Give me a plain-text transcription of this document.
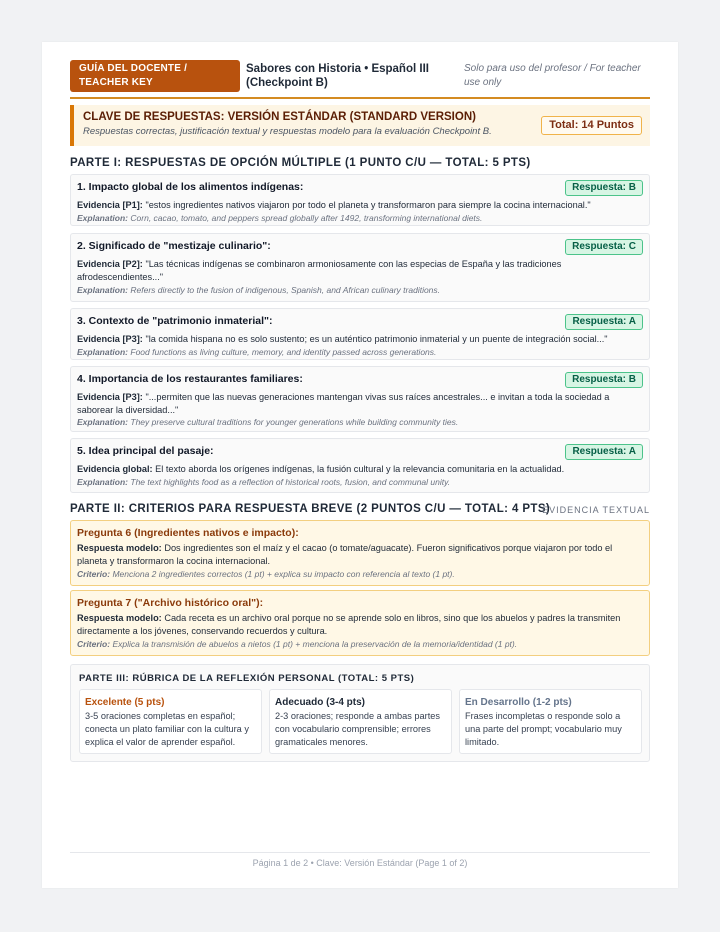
GUÍA DEL DOCENTE / TEACHER KEY
Sabores con Historia • Español III (Checkpoint B)
Solo para uso del profesor / For teacher use only
CLAVE DE RESPUESTAS: VERSIÓN ESTÁNDAR (STANDARD VERSION)
Respuestas correctas, justificación textual y respuestas modelo para la evaluación Checkpoint B.
Total: 14 Puntos
PARTE I: RESPUESTAS DE OPCIÓN MÚLTIPLE (1 PUNTO C/U — TOTAL: 5 PTS)
1. Impacto global de los alimentos indígenas:	Respuesta: B
Evidencia [P1]: "estos ingredientes nativos viajaron por todo el planeta y transformaron para siempre la cocina internacional."
Explanation: Corn, cacao, tomato, and peppers spread globally after 1492, transforming international diets.
2. Significado de "mestizaje culinario":	Respuesta: C
Evidencia [P2]: "Las técnicas indígenas se combinaron armoniosamente con las especias de España y las tradiciones afrodescendientes..."
Explanation: Refers directly to the fusion of indigenous, Spanish, and African culinary traditions.
3. Contexto de "patrimonio inmaterial":	Respuesta: A
Evidencia [P3]: "la comida hispana no es solo sustento; es un auténtico patrimonio inmaterial y un puente de integración social..."
Explanation: Food functions as living culture, memory, and identity passed across generations.
4. Importancia de los restaurantes familiares:	Respuesta: B
Evidencia [P3]: "...permiten que las nuevas generaciones mantengan vivas sus raíces ancestrales... e invitan a toda la sociedad a saborear la diversidad..."
Explanation: They preserve cultural traditions for younger generations while building community ties.
5. Idea principal del pasaje:	Respuesta: A
Evidencia global: El texto aborda los orígenes indígenas, la fusión cultural y la relevancia comunitaria en la actualidad.
Explanation: The text highlights food as a reflection of historical roots, fusion, and communal unity.
PARTE II: CRITERIOS PARA RESPUESTA BREVE (2 PUNTOS C/U — TOTAL: 4 PTS)
EVIDENCIA TEXTUAL
Pregunta 6 (Ingredientes nativos e impacto):
Respuesta modelo: Dos ingredientes son el maíz y el cacao (o tomate/aguacate). Fueron significativos porque viajaron por todo el planeta y transformaron la cocina internacional.
Criterio: Menciona 2 ingredientes correctos (1 pt) + explica su impacto con referencia al texto (1 pt).
Pregunta 7 ("Archivo histórico oral"):
Respuesta modelo: Cada receta es un archivo oral porque no se aprende solo en libros, sino que los abuelos y padres la transmiten directamente a los jóvenes, conservando recuerdos y cultura.
Criterio: Explica la transmisión de abuelos a nietos (1 pt) + menciona la preservación de la memoria/identidad (1 pt).
PARTE III: RÚBRICA DE LA REFLEXIÓN PERSONAL (TOTAL: 5 PTS)
Excelente (5 pts)
3-5 oraciones completas en español; conecta un plato familiar con la cultura y explica el valor de aprender español.
Adecuado (3-4 pts)
2-3 oraciones; responde a ambas partes con vocabulario comprensible; errores gramaticales menores.
En Desarrollo (1-2 pts)
Frases incompletas o responde solo a una parte del prompt; vocabulario muy limitado.
Página 1 de 2 • Clave: Versión Estándar (Page 1 of 2)
